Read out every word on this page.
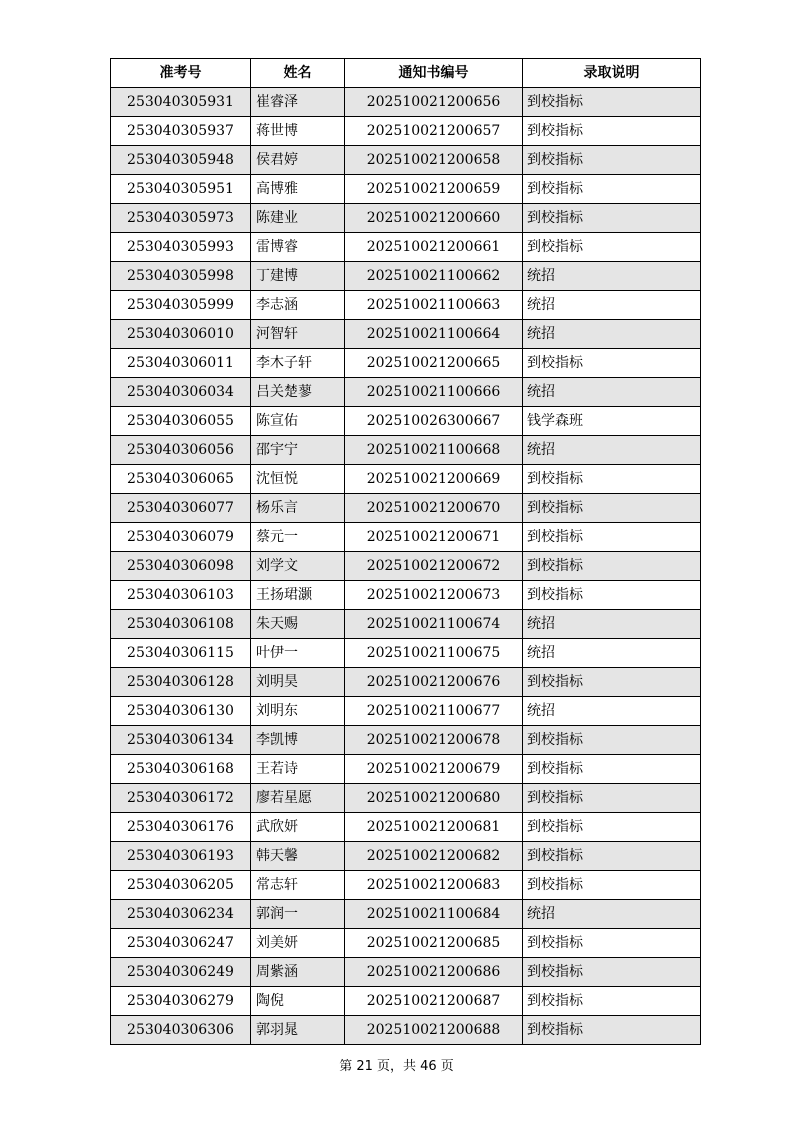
准考号	姓名	通知书编号	录取说明
253040305931	崔睿泽	202510021200656	到校指标
253040305937	蒋世博	202510021200657	到校指标
253040305948	侯君婷	202510021200658	到校指标
253040305951	高博雅	202510021200659	到校指标
253040305973	陈建业	202510021200660	到校指标
253040305993	雷博睿	202510021200661	到校指标
253040305998	丁建博	202510021100662	统招
253040305999	李志涵	202510021100663	统招
253040306010	河智轩	202510021100664	统招
253040306011	李木子轩	202510021200665	到校指标
253040306034	吕关楚蓼	202510021100666	统招
253040306055	陈宣佑	202510026300667	钱学森班
253040306056	邵宇宁	202510021100668	统招
253040306065	沈恒悦	202510021200669	到校指标
253040306077	杨乐言	202510021200670	到校指标
253040306079	蔡元一	202510021200671	到校指标
253040306098	刘学文	202510021200672	到校指标
253040306103	王扬珺灏	202510021200673	到校指标
253040306108	朱天赐	202510021100674	统招
253040306115	叶伊一	202510021100675	统招
253040306128	刘明昊	202510021200676	到校指标
253040306130	刘明东	202510021100677	统招
253040306134	李凯博	202510021200678	到校指标
253040306168	王若诗	202510021200679	到校指标
253040306172	廖若星愿	202510021200680	到校指标
253040306176	武欣妍	202510021200681	到校指标
253040306193	韩天馨	202510021200682	到校指标
253040306205	常志轩	202510021200683	到校指标
253040306234	郭润一	202510021100684	统招
253040306247	刘美妍	202510021200685	到校指标
253040306249	周紫涵	202510021200686	到校指标
253040306279	陶倪	202510021200687	到校指标
253040306306	郭羽晁	202510021200688	到校指标
第 21 页，共 46 页
